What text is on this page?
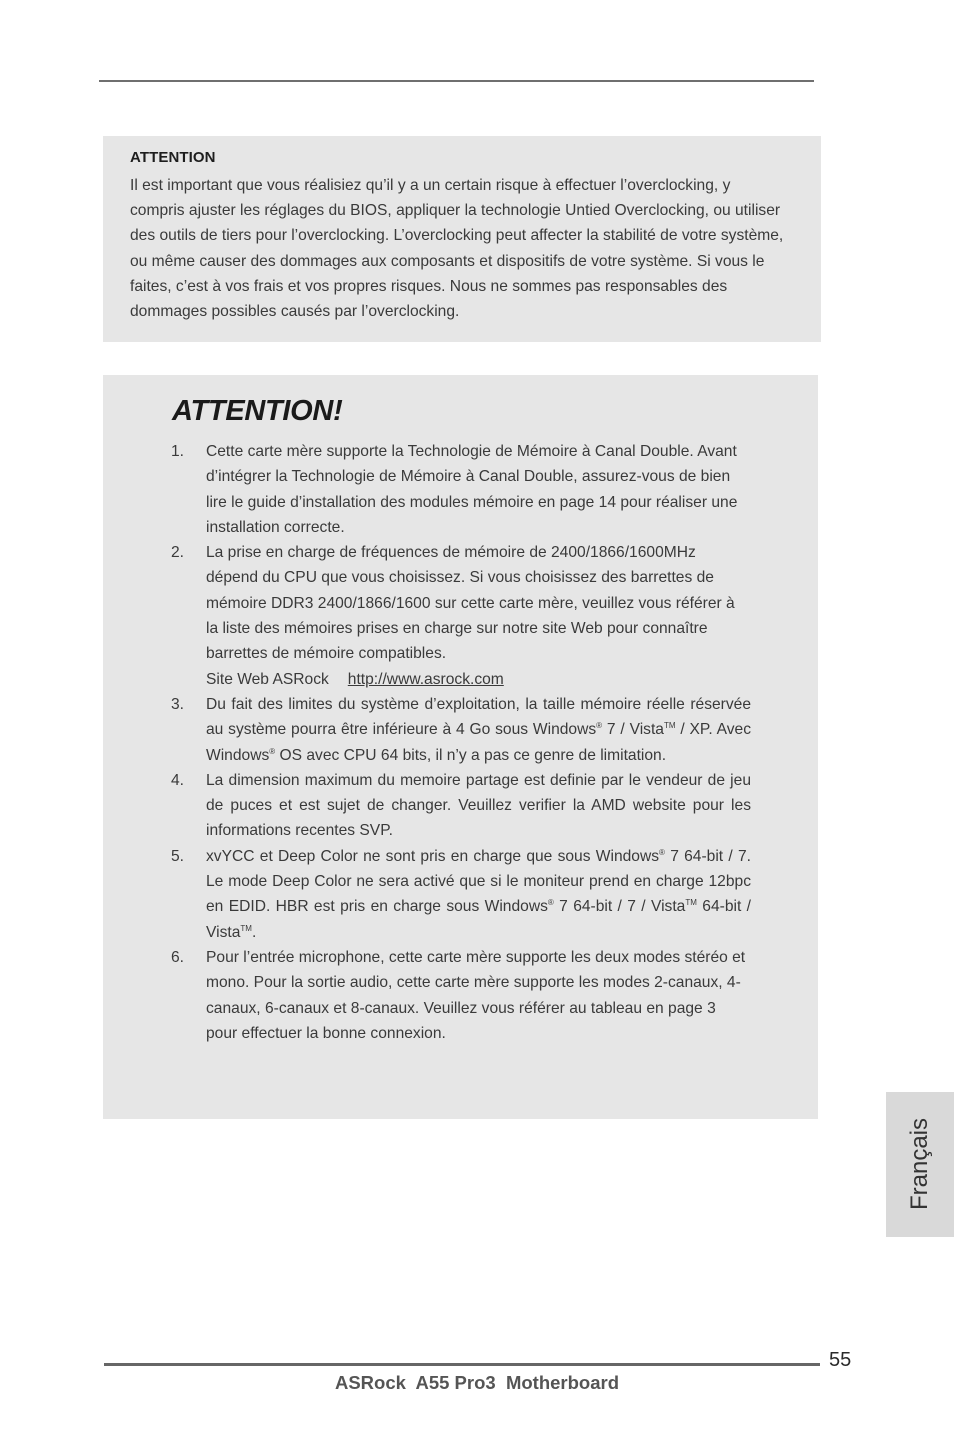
ATTENTION
Il est important que vous réalisiez qu’il y a un certain risque à effectuer l’overclocking, y compris ajuster les réglages du BIOS, appliquer la technologie Untied Overclocking, ou utiliser des outils de tiers pour l’overclocking. L’overclocking peut affecter la stabilité de votre système, ou même causer des dommages aux composants et dispositifs de votre système. Si vous le faites, c’est à vos frais et vos propres risques. Nous ne sommes pas responsables des dommages possibles causés par l’overclocking.
ATTENTION!
1. Cette carte mère supporte la Technologie de Mémoire à Canal Double. Avant d’intégrer la Technologie de Mémoire à Canal Double, assurez-vous de bien lire le guide d’installation des modules mémoire en page 14 pour réaliser une installation correcte.
2. La prise en charge de fréquences de mémoire de 2400/1866/1600MHz dépend du CPU que vous choisissez. Si vous choisissez des barrettes de mémoire DDR3 2400/1866/1600 sur cette carte mère, veuillez vous référer à la liste des mémoires prises en charge sur notre site Web pour connaître barrettes de mémoire compatibles.
Site Web ASRock http://www.asrock.com
3. Du fait des limites du système d’exploitation, la taille mémoire réelle réservée au système pourra être inférieure à 4 Go sous Windows® 7 / Vista™ / XP. Avec Windows® OS avec CPU 64 bits, il n’y a pas ce genre de limitation.
4. La dimension maximum du memoire partage est definie par le vendeur de jeu de puces et est sujet de changer. Veuillez verifier la AMD website pour les informations recentes SVP.
5. xvYCC et Deep Color ne sont pris en charge que sous Windows® 7 64-bit / 7. Le mode Deep Color ne sera activé que si le moniteur prend en charge 12bpc en EDID. HBR est pris en charge sous Windows® 7 64-bit / 7 / Vista™ 64-bit / Vista™.
6. Pour l’entrée microphone, cette carte mère supporte les deux modes stéréo et mono. Pour la sortie audio, cette carte mère supporte les modes 2-canaux, 4-canaux, 6-canaux et 8-canaux. Veuillez vous référer au tableau en page 3 pour effectuer la bonne connexion.
Français
55
ASRock  A55 Pro3  Motherboard
